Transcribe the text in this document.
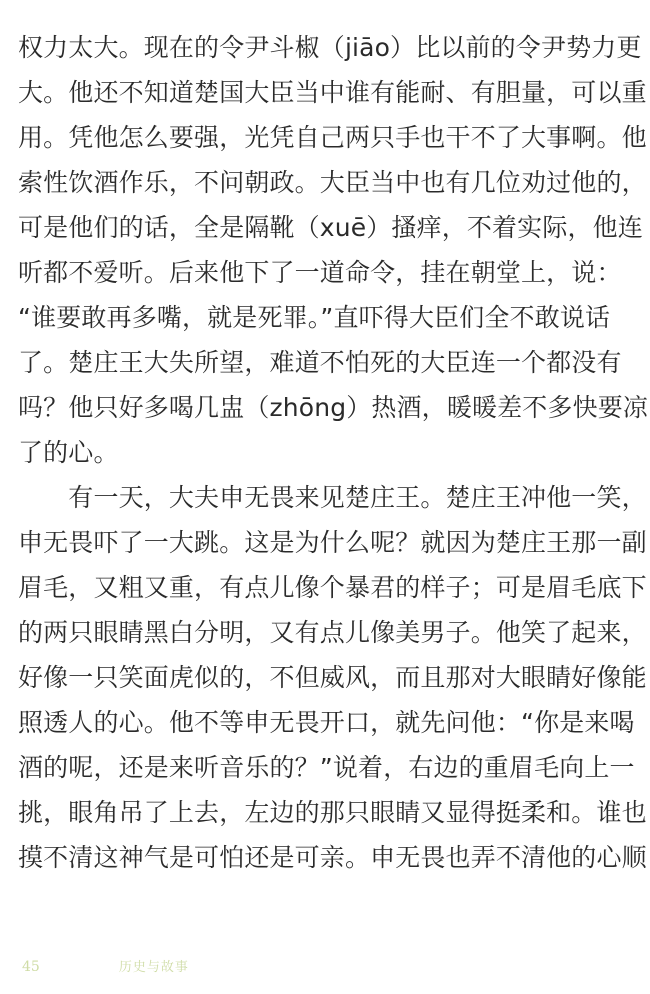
权力太大。现在的令尹斗椒（jiāo）比以前的令尹势力更
大。他还不知道楚国大臣当中谁有能耐、有胆量，可以重
用。凭他怎么要强，光凭自己两只手也干不了大事啊。他
索性饮酒作乐，不问朝政。大臣当中也有几位劝过他的，
可是他们的话，全是隔靴（xuē）搔痒，不着实际，他连
听都不爱听。后来他下了一道命令，挂在朝堂上，说：
“谁要敢再多嘴，就是死罪。”直吓得大臣们全不敢说话
了。楚庄王大失所望，难道不怕死的大臣连一个都没有
吗？他只好多喝几盅（zhōng）热酒，暖暖差不多快要凉
了的心。
　　有一天，大夫申无畏来见楚庄王。楚庄王冲他一笑，
申无畏吓了一大跳。这是为什么呢？就因为楚庄王那一副
眉毛，又粗又重，有点儿像个暴君的样子；可是眉毛底下
的两只眼睛黑白分明，又有点儿像美男子。他笑了起来，
好像一只笑面虎似的，不但威风，而且那对大眼睛好像能
照透人的心。他不等申无畏开口，就先问他：“你是来喝
酒的呢，还是来听音乐的？”说着，右边的重眉毛向上一
挑，眼角吊了上去，左边的那只眼睛又显得挺柔和。谁也
摸不清这神气是可怕还是可亲。申无畏也弄不清他的心顺
45	历史与故事
